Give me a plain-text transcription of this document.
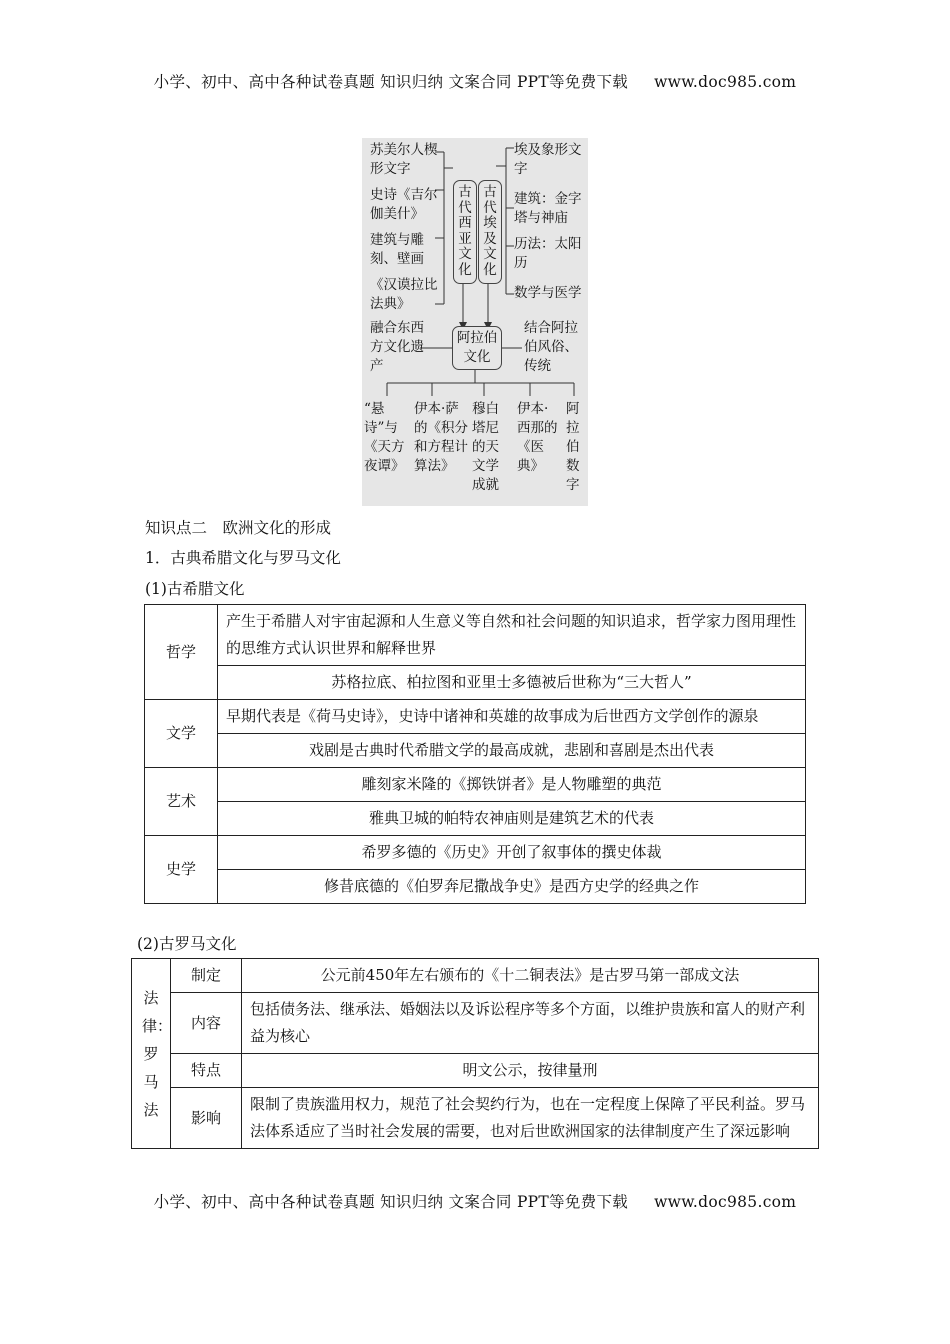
小学、初中、高中各种试卷真题 知识归纳 文案合同 PPT等免费下载 www.doc985.com
古代西亚文化
古代埃及文化
阿拉伯文化
苏美尔人楔形文字
史诗《吉尔伽美什》
建筑与雕刻、壁画
《汉谟拉比法典》
埃及象形文字
建筑：金字塔与神庙
历法：太阳历
数学与医学
融合东西方文化遗产
结合阿拉伯风俗、传统
“悬诗”与《天方夜谭》
伊本·萨的《积分和方程计算法》
穆白塔尼的天文学成就
伊本·西那的《医典》
阿拉伯数字
知识点二　欧洲文化的形成
1．古典希腊文化与罗马文化
(1)古希腊文化
哲学	产生于希腊人对宇宙起源和人生意义等自然和社会问题的知识追求，哲学家力图用理性的思维方式认识世界和解释世界
	苏格拉底、柏拉图和亚里士多德被后世称为“三大哲人”
文学	早期代表是《荷马史诗》，史诗中诸神和英雄的故事成为后世西方文学创作的源泉
	戏剧是古典时代希腊文学的最高成就，悲剧和喜剧是杰出代表
艺术	雕刻家米隆的《掷铁饼者》是人物雕塑的典范
	雅典卫城的帕特农神庙则是建筑艺术的代表
史学	希罗多德的《历史》开创了叙事体的撰史体裁
	修昔底德的《伯罗奔尼撒战争史》是西方史学的经典之作
(2)古罗马文化
法律：罗马法	制定	公元前450年左右颁布的《十二铜表法》是古罗马第一部成文法
	内容	包括债务法、继承法、婚姻法以及诉讼程序等多个方面，以维护贵族和富人的财产利益为核心
	特点	明文公示，按律量刑
	影响	限制了贵族滥用权力，规范了社会契约行为，也在一定程度上保障了平民利益。罗马法体系适应了当时社会发展的需要，也对后世欧洲国家的法律制度产生了深远影响
小学、初中、高中各种试卷真题 知识归纳 文案合同 PPT等免费下载 www.doc985.com
